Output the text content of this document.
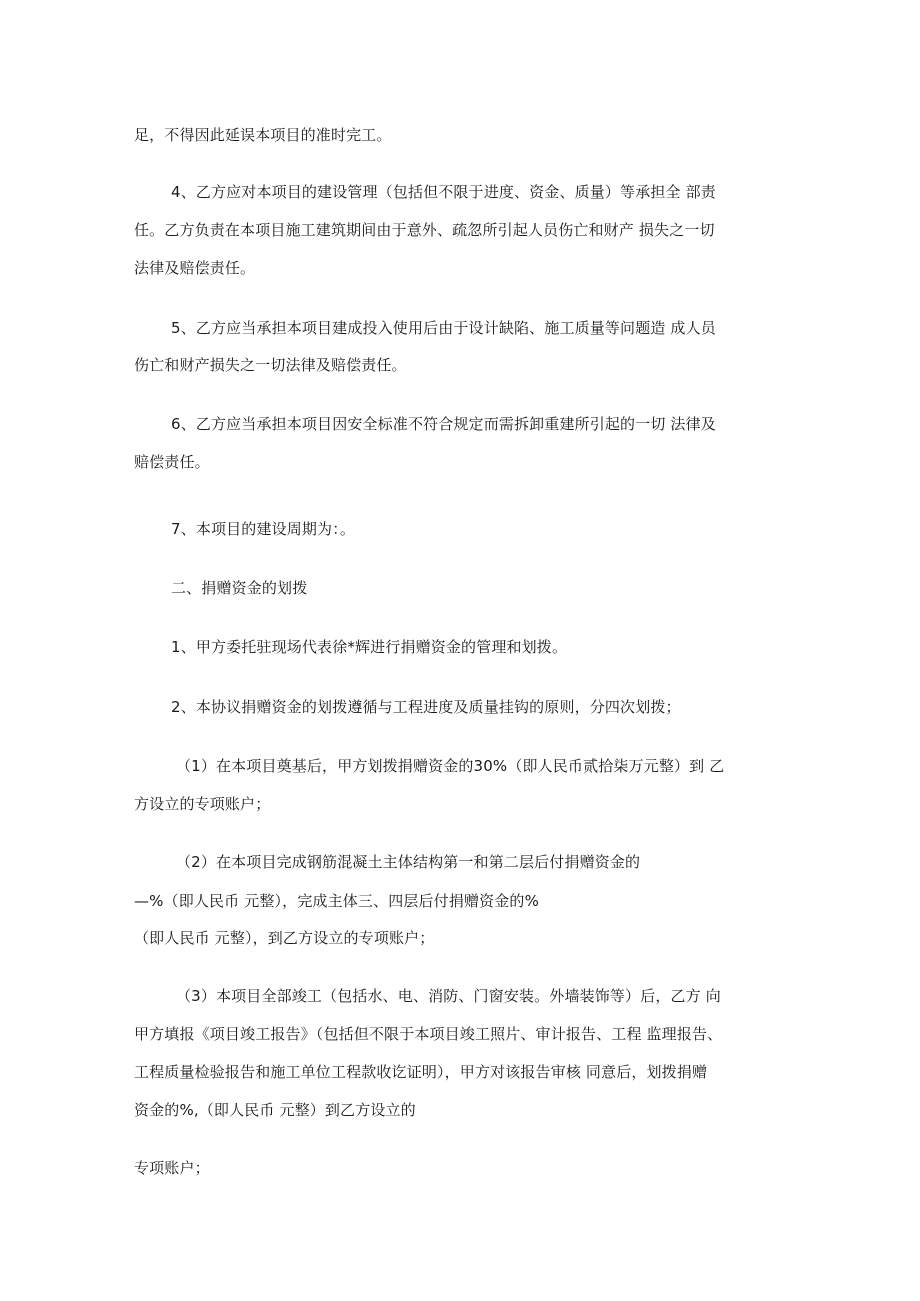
足，不得因此延误本项目的准时完工。
4、乙方应对本项目的建设管理（包括但不限于进度、资金、质量）等承担全 部责
任。乙方负责在本项目施工建筑期间由于意外、疏忽所引起人员伤亡和财产 损失之一切
法律及赔偿责任。
5、乙方应当承担本项目建成投入使用后由于设计缺陷、施工质量等问题造 成人员
伤亡和财产损失之一切法律及赔偿责任。
6、乙方应当承担本项目因安全标准不符合规定而需拆卸重建所引起的一切 法律及
赔偿责任。
7、本项目的建设周期为：。
二、捐赠资金的划拨
1、甲方委托驻现场代表徐*辉进行捐赠资金的管理和划拨。
2、本协议捐赠资金的划拨遵循与工程进度及质量挂钩的原则，分四次划拨；
（1）在本项目奠基后，甲方划拨捐赠资金的30%（即人民币贰拾柒万元整）到 乙
方设立的专项账户；
（2）在本项目完成钢筋混凝土主体结构第一和第二层后付捐赠资金的
—%（即人民币 元整），完成主体三、四层后付捐赠资金的%
（即人民币 元整），到乙方设立的专项账户；
（3）本项目全部竣工（包括水、电、消防、门窗安装。外墙装饰等）后，乙方 向
甲方填报《项目竣工报告》（包括但不限于本项目竣工照片、审计报告、工程 监理报告、
工程质量检验报告和施工单位工程款收讫证明），甲方对该报告审核 同意后，划拨捐赠
资金的%,（即人民币 元整）到乙方设立的
专项账户；
